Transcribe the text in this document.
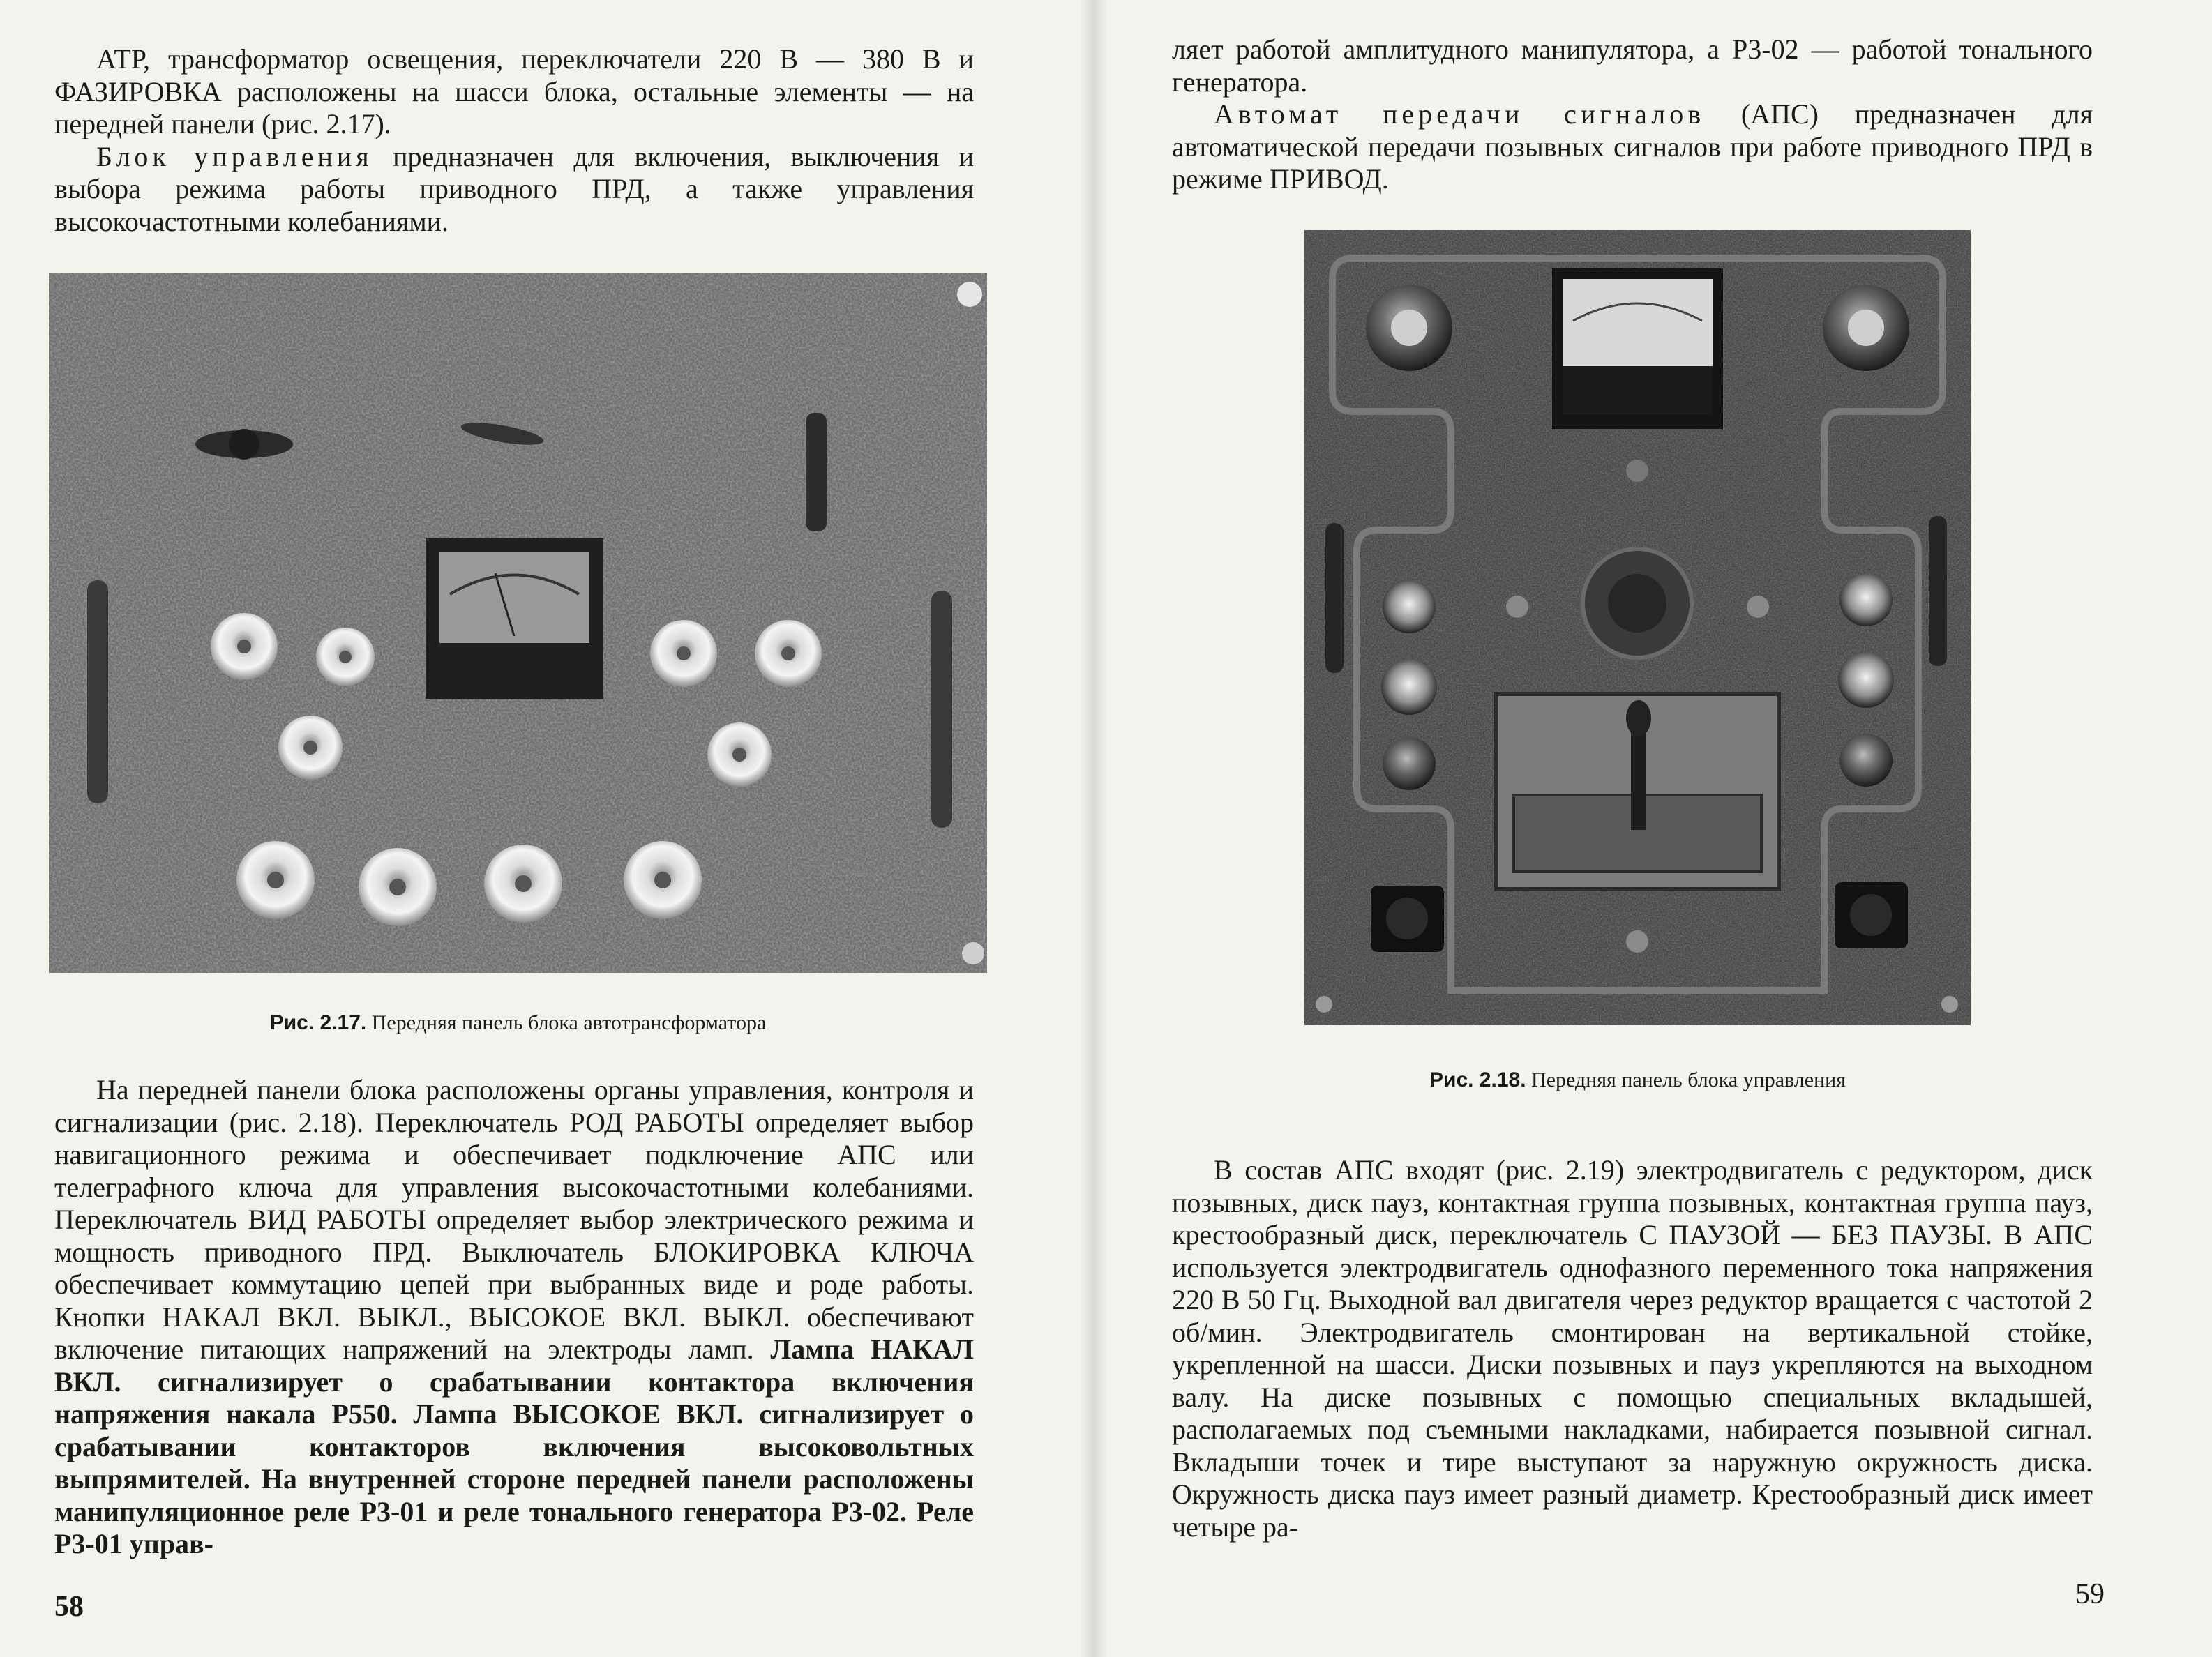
АТР, трансформатор освещения, переключатели 220 В — 380 В и ФАЗИРОВКА расположены на шасси блока, остальные элементы — на передней панели (рис. 2.17).

Блок управления предназначен для включения, выключения и выбора режима работы приводного ПРД, а также управления высокочастотными колебаниями.

Рис. 2.17. Передняя панель блока автотрансформатора

На передней панели блока расположены органы управления, контроля и сигнализации (рис. 2.18). Переключатель РОД РАБОТЫ определяет выбор навигационного режима и обеспечивает подключение АПС или телеграфного ключа для управления высокочастотными колебаниями. Переключатель ВИД РАБОТЫ определяет выбор электрического режима и мощность приводного ПРД. Выключатель БЛОКИРОВКА КЛЮЧА обеспечивает коммутацию цепей при выбранных виде и роде работы. Кнопки НАКАЛ ВКЛ. ВЫКЛ., ВЫСОКОЕ ВКЛ. ВЫКЛ. обеспечивают включение питающих напряжений на электроды ламп. Лампа НАКАЛ ВКЛ. сигнализирует о срабатывании контактора включения напряжения накала Р550. Лампа ВЫСОКОЕ ВКЛ. сигнализирует о срабатывании контакторов включения высоковольтных выпрямителей. На внутренней стороне передней панели расположены манипуляционное реле Р3-01 и реле тонального генератора Р3-02. Реле Р3-01 управ-

58

ляет работой амплитудного манипулятора, а Р3-02 — работой тонального генератора.

Автомат передачи сигналов (АПС) предназначен для автоматической передачи позывных сигналов при работе приводного ПРД в режиме ПРИВОД.

Рис. 2.18. Передняя панель блока управления

В состав АПС входят (рис. 2.19) электродвигатель с редуктором, диск позывных, диск пауз, контактная группа позывных, контактная группа пауз, крестообразный диск, переключатель С ПАУЗОЙ — БЕЗ ПАУЗЫ. В АПС используется электродвигатель однофазного переменного тока напряжения 220 В 50 Гц. Выходной вал двигателя через редуктор вращается с частотой 2 об/мин. Электродвигатель смонтирован на вертикальной стойке, укрепленной на шасси. Диски позывных и пауз укрепляются на выходном валу. На диске позывных с помощью специальных вкладышей, располагаемых под съемными накладками, набирается позывной сигнал. Вкладыши точек и тире выступают за наружную окружность диска. Окружность диска пауз имеет разный диаметр. Крестообразный диск имеет четыре ра-

59
